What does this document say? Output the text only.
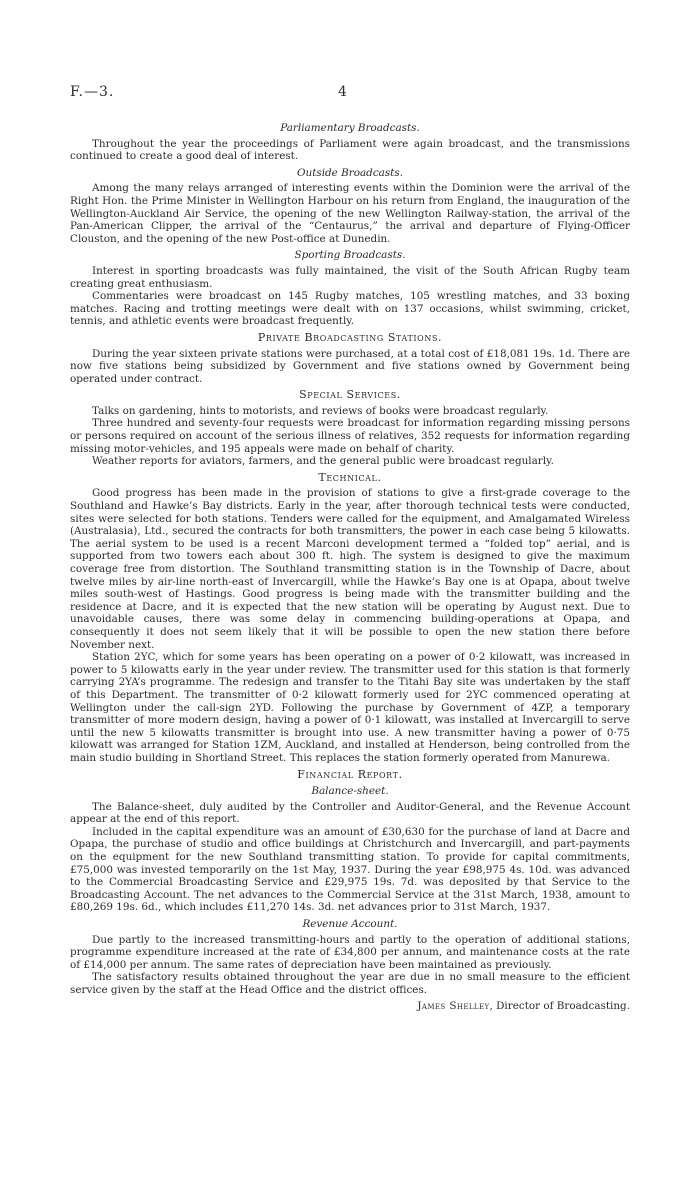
F.—3.	4
Parliamentary Broadcasts.

Throughout the year the proceedings of Parliament were again broadcast, and the transmissions continued to create a good deal of interest.

Outside Broadcasts.

Among the many relays arranged of interesting events within the Dominion were the arrival of the Right Hon. the Prime Minister in Wellington Harbour on his return from England, the inauguration of the Wellington-Auckland Air Service, the opening of the new Wellington Railway-station, the arrival of the Pan-American Clipper, the arrival of the “Centaurus,” the arrival and departure of Flying-Officer Clouston, and the opening of the new Post-office at Dunedin.

Sporting Broadcasts.

Interest in sporting broadcasts was fully maintained, the visit of the South African Rugby team creating great enthusiasm.

Commentaries were broadcast on 145 Rugby matches, 105 wrestling matches, and 33 boxing matches. Racing and trotting meetings were dealt with on 137 occasions, whilst swimming, cricket, tennis, and athletic events were broadcast frequently.

Private Broadcasting Stations.

During the year sixteen private stations were purchased, at a total cost of £18,081 19s. 1d. There are now five stations being subsidized by Government and five stations owned by Government being operated under contract.

Special Services.

Talks on gardening, hints to motorists, and reviews of books were broadcast regularly.

Three hundred and seventy-four requests were broadcast for information regarding missing persons or persons required on account of the serious illness of relatives, 352 requests for information regarding missing motor-vehicles, and 195 appeals were made on behalf of charity.

Weather reports for aviators, farmers, and the general public were broadcast regularly.

Technical.

Good progress has been made in the provision of stations to give a first-grade coverage to the Southland and Hawke’s Bay districts. Early in the year, after thorough technical tests were conducted, sites were selected for both stations. Tenders were called for the equipment, and Amalgamated Wireless (Australasia), Ltd., secured the contracts for both transmitters, the power in each case being 5 kilowatts. The aerial system to be used is a recent Marconi development termed a “folded top” aerial, and is supported from two towers each about 300 ft. high. The system is designed to give the maximum coverage free from distortion. The Southland transmitting station is in the Township of Dacre, about twelve miles by air-line north-east of Invercargill, while the Hawke’s Bay one is at Opapa, about twelve miles south-west of Hastings. Good progress is being made with the transmitter building and the residence at Dacre, and it is expected that the new station will be operating by August next. Due to unavoidable causes, there was some delay in commencing building-operations at Opapa, and consequently it does not seem likely that it will be possible to open the new station there before November next.

Station 2YC, which for some years has been operating on a power of 0·2 kilowatt, was increased in power to 5 kilowatts early in the year under review. The transmitter used for this station is that formerly carrying 2YA’s programme. The redesign and transfer to the Titahi Bay site was undertaken by the staff of this Department. The transmitter of 0·2 kilowatt formerly used for 2YC commenced operating at Wellington under the call-sign 2YD. Following the purchase by Government of 4ZP, a temporary transmitter of more modern design, having a power of 0·1 kilowatt, was installed at Invercargill to serve until the new 5 kilowatts transmitter is brought into use. A new transmitter having a power of 0·75 kilowatt was arranged for Station 1ZM, Auckland, and installed at Henderson, being controlled from the main studio building in Shortland Street. This replaces the station formerly operated from Manurewa.

Financial Report.
Balance-sheet.

The Balance-sheet, duly audited by the Controller and Auditor-General, and the Revenue Account appear at the end of this report.

Included in the capital expenditure was an amount of £30,630 for the purchase of land at Dacre and Opapa, the purchase of studio and office buildings at Christchurch and Invercargill, and part-payments on the equipment for the new Southland transmitting station. To provide for capital commitments, £75,000 was invested temporarily on the 1st May, 1937. During the year £98,975 4s. 10d. was advanced to the Commercial Broadcasting Service and £29,975 19s. 7d. was deposited by that Service to the Broadcasting Account. The net advances to the Commercial Service at the 31st March, 1938, amount to £80,269 19s. 6d., which includes £11,270 14s. 3d. net advances prior to 31st March, 1937.

Revenue Account.

Due partly to the increased transmitting-hours and partly to the operation of additional stations, programme expenditure increased at the rate of £34,800 per annum, and maintenance costs at the rate of £14,000 per annum. The same rates of depreciation have been maintained as previously.

The satisfactory results obtained throughout the year are due in no small measure to the efficient service given by the staff at the Head Office and the district offices.

James Shelley, Director of Broadcasting.
